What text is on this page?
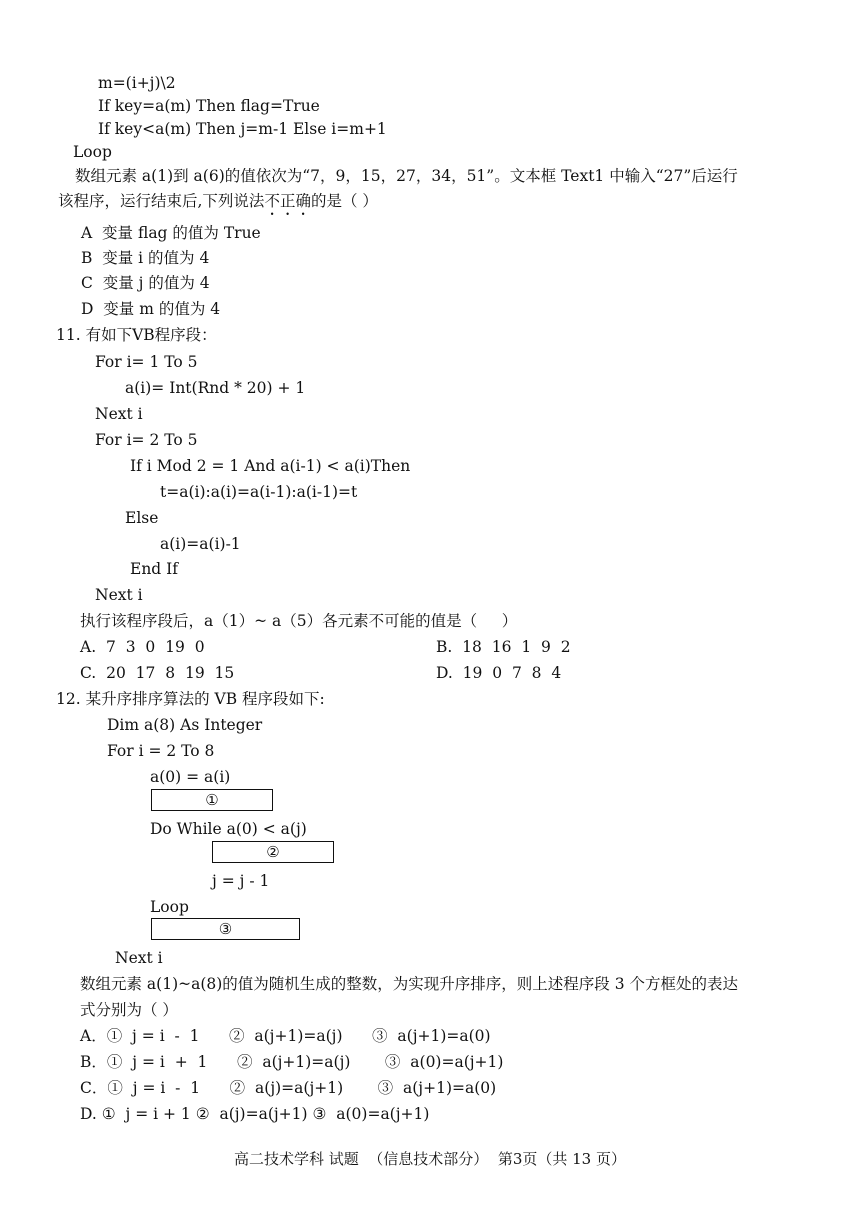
m=(i+j)\2
If key=a(m) Then flag=True
If key<a(m) Then j=m-1 Else i=m+1
Loop
数组元素 a(1)到 a(6)的值依次为“7，9，15，27，34，51”。文本框 Text1 中输入“27”后运行
该程序，运行结束后,下列说法不正确的是（ ）
A  变量 flag 的值为 True
B  变量 i 的值为 4
C  变量 j 的值为 4
D  变量 m 的值为 4
11. 有如下VB程序段：
For i= 1 To 5
a(i)= Int(Rnd * 20) + 1
Next i
For i= 2 To 5
If i Mod 2 = 1 And a(i-1) < a(i)Then
t=a(i):a(i)=a(i-1):a(i-1)=t
Else
a(i)=a(i)-1
End If
Next i
执行该程序段后，a（1）~ a（5）各元素不可能的值是（     ）
A.  7  3  0  19  0	B.  18  16  1  9  2
C.  20  17  8  19  15	D.  19  0  7  8  4
12. 某升序排序算法的 VB 程序段如下:
Dim a(8) As Integer
For i = 2 To 8
a(0) = a(i)
①
Do While a(0) < a(j)
②
j = j - 1
Loop
③
Next i
数组元素 a(1)~a(8)的值为随机生成的整数，为实现升序排序，则上述程序段 3 个方框处的表达
式分别为（ ）
A．①  j = i  -  1      ②  a(j+1)=a(j)      ③  a(j+1)=a(0)
B．①  j = i  +  1      ②  a(j+1)=a(j)       ③  a(0)=a(j+1)
C．①  j = i  -  1      ②  a(j)=a(j+1)       ③  a(j+1)=a(0)
D. ①  j = i + 1 ②  a(j)=a(j+1) ③  a(0)=a(j+1)
高二技术学科 试题  （信息技术部分）  第3页（共 13 页）
